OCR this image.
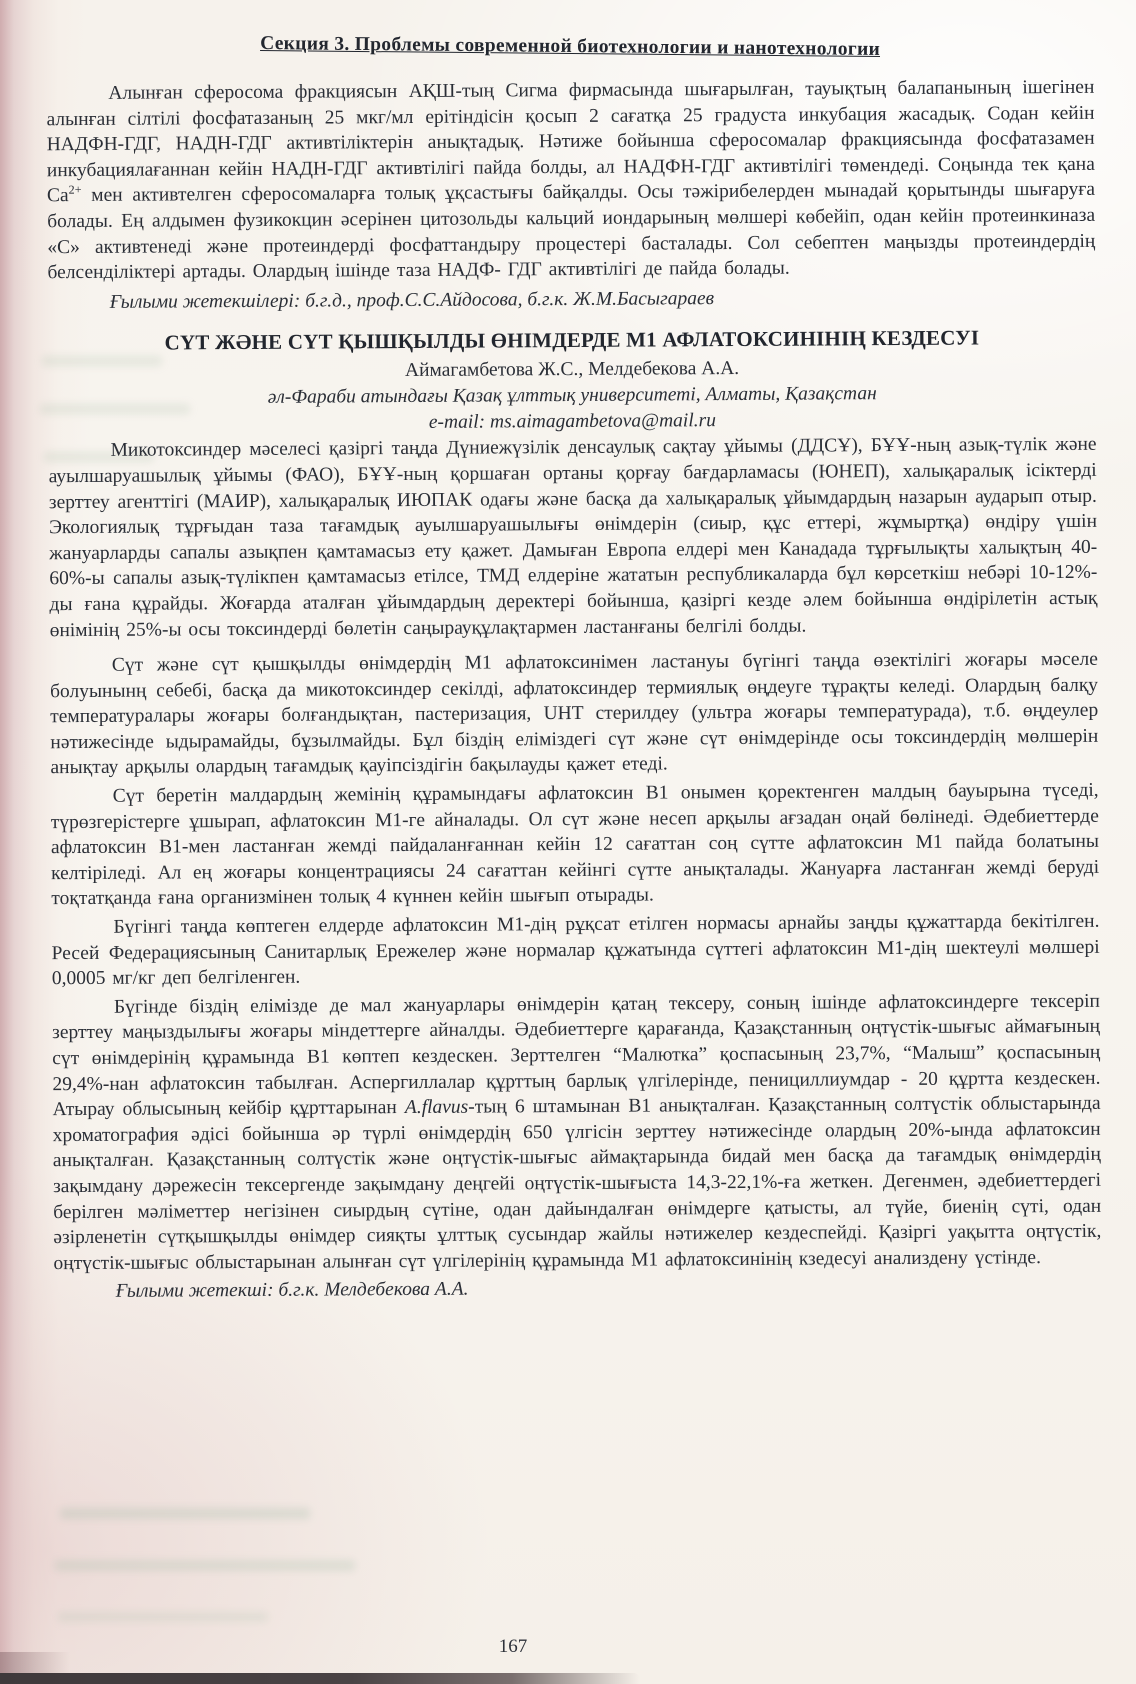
Секция 3. Проблемы современной биотехнологии и нанотехнологии

Алынған сферосома фракциясын АҚШ-тың Сигма фирмасында шығарылған, тауықтың балапанының ішегінен алынған сілтілі фосфатазаның 25 мкг/мл ерітіндісін қосып 2 сағатқа 25 градуста инкубация жасадық. Содан кейін НАДФН-ГДГ, НАДН-ГДГ активтіліктерін анықтадық. Нәтиже бойынша сферосомалар фракциясында фосфатазамен инкубациялағаннан кейін НАДН-ГДГ активтілігі пайда болды, ал НАДФН-ГДГ активтілігі төмендеді. Соңында тек қана $Са^{2+}$ мен активтелген сферосомаларға толық ұқсастығы байқалды. Осы тәжірибелерден мынадай қорытынды шығаруға болады. Ең алдымен фузикокцин әсерінен цитозольды кальций иондарының мөлшері көбейіп, одан кейін протеинкиназа «С» активтенеді және протеиндерді фосфаттандыру процестері басталады. Сол себептен маңызды протеиндердің белсенділіктері артады. Олардың ішінде таза НАДФ- ГДГ активтілігі де пайда болады.

Ғылыми жетекшілері: б.г.д., проф.С.С.Айдосова, б.г.к. Ж.М.Басыгараев
СҮТ ЖӘНЕ СҮТ ҚЫШҚЫЛДЫ ӨНІМДЕРДЕ М1 АФЛАТОКСИНІНІҢ КЕЗДЕСУІ
Аймагамбетова Ж.С., Мелдебекова А.А.
әл-Фараби атындағы Қазақ ұлттық университеті, Алматы, Қазақстан
e-mail: ms.aimagambetova@mail.ru

Микотоксиндер мәселесі қазіргі таңда Дүниежүзілік денсаулық сақтау ұйымы (ДДСҰ), БҰҰ-ның азық-түлік және ауылшаруашылық ұйымы (ФАО), БҰҰ-ның қоршаған ортаны қорғау бағдарламасы (ЮНЕП), халықаралық ісіктерді зерттеу агенттігі (МАИР), халықаралық ИЮПАК одағы және басқа да халықаралық ұйымдардың назарын аударып отыр. Экологиялық тұрғыдан таза тағамдық ауылшаруашылығы өнімдерін (сиыр, құс еттері, жұмыртқа) өндіру үшін жануарларды сапалы азықпен қамтамасыз ету қажет. Дамыған Европа елдері мен Канадада тұрғылықты халықтың 40-60%-ы сапалы азық-түлікпен қамтамасыз етілсе, ТМД елдеріне жататын республикаларда бұл көрсеткіш небәрі 10-12%-ды ғана құрайды. Жоғарда аталған ұйымдардың деректері бойынша, қазіргі кезде әлем бойынша өндірілетін астық өнімінің 25%-ы осы токсиндерді бөлетін саңырауқұлақтармен ластанғаны белгілі болды.

Сүт және сүт қышқылды өнімдердің М1 афлатоксинімен ластануы бүгінгі таңда өзектілігі жоғары мәселе болуынынң себебі, басқа да микотоксиндер секілді, афлатоксиндер термиялық өңдеуге тұрақты келеді. Олардың балқу температуралары жоғары болғандықтан, пастеризация, UHT стерилдеу (ультра жоғары температурада), т.б. өңдеулер нәтижесінде ыдырамайды, бұзылмайды. Бұл біздің еліміздегі сүт және сүт өнімдерінде осы токсиндердің мөлшерін анықтау арқылы олардың тағамдық қауіпсіздігін бақылауды қажет етеді.

Сүт беретін малдардың жемінің құрамындағы афлатоксин В1 онымен қоректенген малдың бауырына түседі, түрөзгерістерге ұшырап, афлатоксин М1-ге айналады. Ол сүт және несеп арқылы ағзадан оңай бөлінеді. Әдебиеттерде афлатоксин В1-мен ластанған жемді пайдаланғаннан кейін 12 сағаттан соң сүтте афлатоксин М1 пайда болатыны келтіріледі. Ал ең жоғары концентрациясы 24 сағаттан кейінгі сүтте анықталады. Жануарға ластанған жемді беруді тоқтатқанда ғана организмінен толық 4 күннен кейін шығып отырады.

Бүгінгі таңда көптеген елдерде афлатоксин М1-дің рұқсат етілген нормасы арнайы заңды құжаттарда бекітілген. Ресей Федерациясының Санитарлық Ережелер және нормалар құжатында сүттегі афлатоксин М1-дің шектеулі мөлшері 0,0005 мг/кг деп белгіленген.

Бүгінде біздің елімізде де мал жануарлары өнімдерін қатаң тексеру, соның ішінде афлатоксиндерге тексеріп зерттеу маңыздылығы жоғары міндеттерге айналды. Әдебиеттерге қарағанда, Қазақстанның оңтүстік-шығыс аймағының сүт өнімдерінің құрамында В1 көптеп кездескен. Зерттелген “Малютка” қоспасының 23,7%, “Малыш” қоспасының 29,4%-нан афлатоксин табылған. Аспергиллалар құрттың барлық үлгілерінде, пенициллиумдар - 20 құртта кездескен. Атырау облысының кейбір құрттарынан A.flavus-тың 6 штамынан В1 анықталған. Қазақстанның солтүстік облыстарында хроматография әдісі бойынша әр түрлі өнімдердің 650 үлгісін зерттеу нәтижесінде олардың 20%-ында афлатоксин анықталған. Қазақстанның солтүстік және оңтүстік-шығыс аймақтарында бидай мен басқа да тағамдық өнімдердің зақымдану дәрежесін тексергенде зақымдану деңгейі оңтүстік-шығыста 14,3-22,1%-ға жеткен. Дегенмен, әдебиеттердегі берілген мәліметтер негізінен сиырдың сүтіне, одан дайындалған өнімдерге қатысты, ал түйе, биенің сүті, одан әзірленетін сүтқышқылды өнімдер сияқты ұлттық сусындар жайлы нәтижелер кездеспейді. Қазіргі уақытта оңтүстік, оңтүстік-шығыс облыстарынан алынған сүт үлгілерінің құрамында М1 афлатоксинінің кзедесуі анализдену үстінде.

Ғылыми жетекші: б.г.к. Мелдебекова А.А.
167
